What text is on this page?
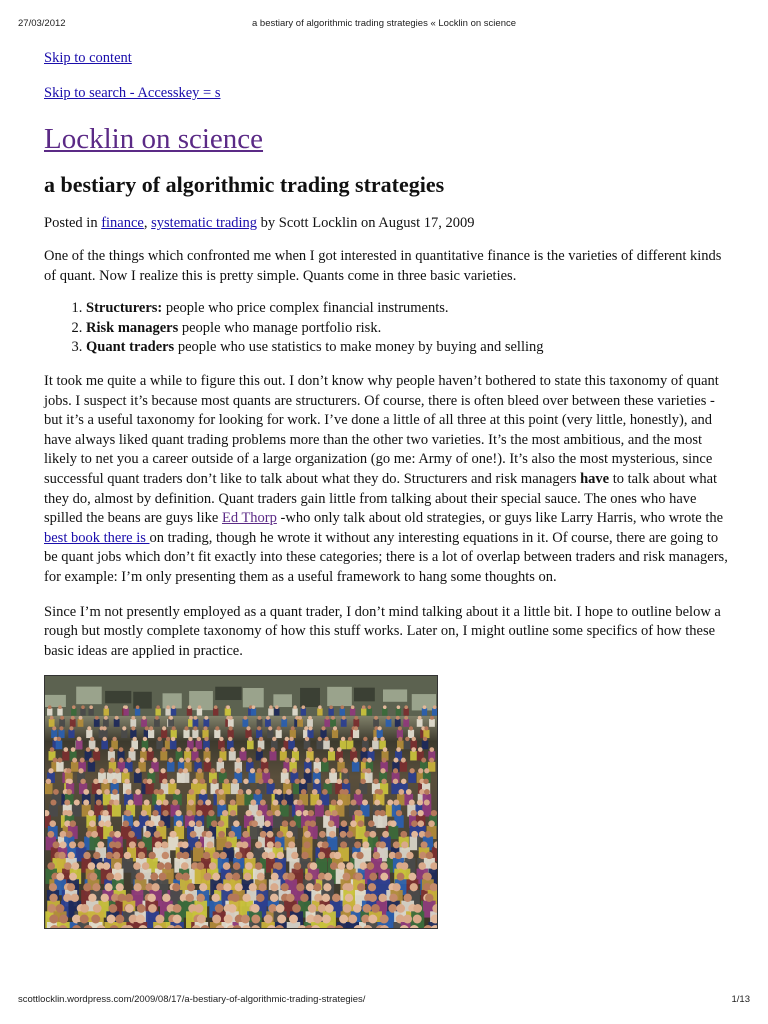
27/03/2012	a bestiary of algorithmic trading strategies « Locklin on science
Skip to content
Skip to search - Accesskey = s
Locklin on science
a bestiary of algorithmic trading strategies
Posted in finance, systematic trading by Scott Locklin on August 17, 2009

One of the things which confronted me when I got interested in quantitative finance is the varieties of different kinds of quant. Now I realize this is pretty simple. Quants come in three basic varieties.

1. Structurers: people who price complex financial instruments.
2. Risk managers people who manage portfolio risk.
3. Quant traders people who use statistics to make money by buying and selling

It took me quite a while to figure this out. I don’t know why people haven’t bothered to state this taxonomy of quant jobs. I suspect it’s because most quants are structurers. Of course, there is often bleed over between these varieties -but it’s a useful taxonomy for looking for work. I’ve done a little of all three at this point (very little, honestly), and have always liked quant trading problems more than the other two varieties. It’s the most ambitious, and the most likely to net you a career outside of a large organization (go me: Army of one!). It’s also the most mysterious, since successful quant traders don’t like to talk about what they do. Structurers and risk managers have to talk about what they do, almost by definition. Quant traders gain little from talking about their special sauce. The ones who have spilled the beans are guys like Ed Thorp -who only talk about old strategies, or guys like Larry Harris, who wrote the best book there is on trading, though he wrote it without any interesting equations in it. Of course, there are going to be quant jobs which don’t fit exactly into these categories; there is a lot of overlap between traders and risk managers, for example: I’m only presenting them as a useful framework to hang some thoughts on.

Since I’m not presently employed as a quant trader, I don’t mind talking about it a little bit. I hope to outline below a rough but mostly complete taxonomy of how this stuff works. Later on, I might outline some specifics of how these basic ideas are applied in practice.

scottlocklin.wordpress.com/2009/08/17/a-bestiary-of-algorithmic-trading-strategies/	1/13
